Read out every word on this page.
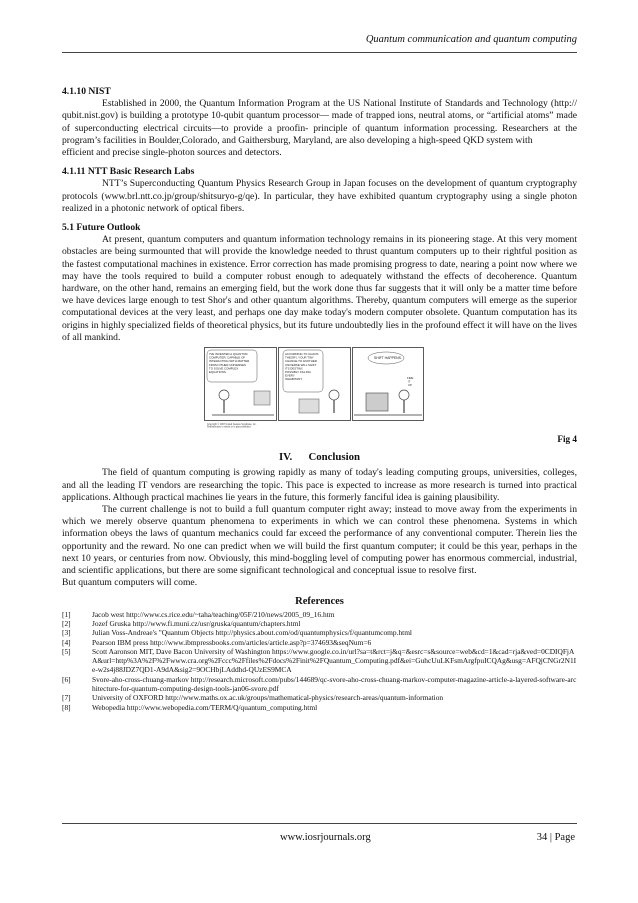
Quantum communication and quantum computing

4.1.10 NIST

Established in 2000, the Quantum Information Program at the US National Institute of Standards and Technology (http:// qubit.nist.gov) is building a prototype 10-qubit quantum processor— made of trapped ions, neutral atoms, or “artificial atoms” made of superconducting electrical circuits—to provide a proofin- principle of quantum information processing. Researchers at the program’s facilities in Boulder,Colorado, and Gaithersburg, Maryland, are also developing a high-speed QKD system with

efficient and precise single-photon sources and detectors.

4.1.11 NTT Basic Research Labs

NTT’s Superconducting Quantum Physics Research Group in Japan focuses on the development of quantum cryptography protocols (www.brl.ntt.co.jp/group/shitsuryo-g/qe). In particular, they have exhibited quantum cryptography using a single photon realized in a photonic network of optical fibers.

5.1 Future Outlook

At present, quantum computers and quantum information technology remains in its pioneering stage. At this very moment obstacles are being surmounted that will provide the knowledge needed to thrust quantum computers up to their rightful position as the fastest computational machines in existence. Error correction has made promising progress to date, nearing a point now where we may have the tools required to build a computer robust enough to adequately withstand the effects of decoherence. Quantum hardware, on the other hand, remains an emerging field, but the work done thus far suggests that it will only be a matter time before we have devices large enough to test Shor's and other quantum algorithms. Thereby, quantum computers will emerge as the superior computational devices at the very least, and perhaps one day make today's modern computer obsolete. Quantum computation has its origins in highly specialized fields of theoretical physics, but its future undoubtedly lies in the profound effect it will have on the lives of all mankind.

I'VE INVENTED A QUANTUM COMPUTER, CAPABLE OF INTERACTING WITH MATTER FROM OTHER UNIVERSES TO SOLVE COMPLEX EQUATIONS.
ACCORDING TO CHAOS THEORY, YOUR TINY CHANGE TO ANOTHER UNIVERSE WILL SHIFT ITS DESTINY, POSSIBLY KILLING EVERY INHABITANT
SHIFT HAPPENS.
FIRE IT UP
Copyright © 1997 United Feature Syndicate, Inc. Redistribution in whole or in part prohibited
Fig 4
IV.      Conclusion

The field of quantum computing is growing rapidly as many of today's leading computing groups, universities, colleges, and all the leading IT vendors are researching the topic. This pace is expected to increase as more research is turned into practical applications. Although practical machines lie years in the future, this formerly fanciful idea is gaining plausibility.

The current challenge is not to build a full quantum computer right away; instead to move away from the experiments in which we merely observe quantum phenomena to experiments in which we can control these phenomena. Systems in which information obeys the laws of quantum mechanics could far exceed the performance of any conventional computer. Therein lies the opportunity and the reward. No one can predict when we will build the first quantum computer; it could be this year, perhaps in the next 10 years, or centuries from now. Obviously, this mind-boggling level of computing power has enormous commercial, industrial, and scientific applications, but there are some significant technological and conceptual issue to resolve first.

But quantum computers will come.

References
[1]	Jacob west http://www.cs.rice.edu/~taha/teaching/05F/210/news/2005_09_16.htm
[2]	Jozef Gruska http://www.fi.muni.cz/usr/gruska/quantum/chapters.html
[3]	Julian Voss-Andreae's "Quantum Objects http://physics.about.com/od/quantumphysics/f/quantumcomp.html
[4]	Pearson IBM press http://www.ibmpressbooks.com/articles/article.asp?p=374693&seqNum=6
[5]	Scott Aaronson MIT, Dave Bacon University of Washington https://www.google.co.in/url?sa=t&rct=j&q=&esrc=s&source=web&cd=1&cad=rja&ved=0CDIQFjAA&url=http%3A%2F%2Fwww.cra.org%2Fccc%2Ffiles%2Fdocs%2Finit%2FQuantum_Computing.pdf&ei=GuhcUuLKFsmArgfpuICQAg&usg=AFQjCNGr2N1Ie-w2s4j88JDZ7QD1-A9dA&sig2=9OCHbjLAddhd-QUzES9MCA
[6]	Svore-aho-cross-chuang-markov http://research.microsoft.com/pubs/144689/qc-svore-aho-cross-chuang-markov-computer-magazine-article-a-layered-software-architecture-for-quantum-computing-design-tools-jan06-svore.pdf
[7]	University of OXFORD http://www.maths.ox.ac.uk/groups/mathematical-physics/research-areas/quantum-information
[8]	Webopedia http://www.webopedia.com/TERM/Q/quantum_computing.html
www.iosrjournals.org	34 | Page
